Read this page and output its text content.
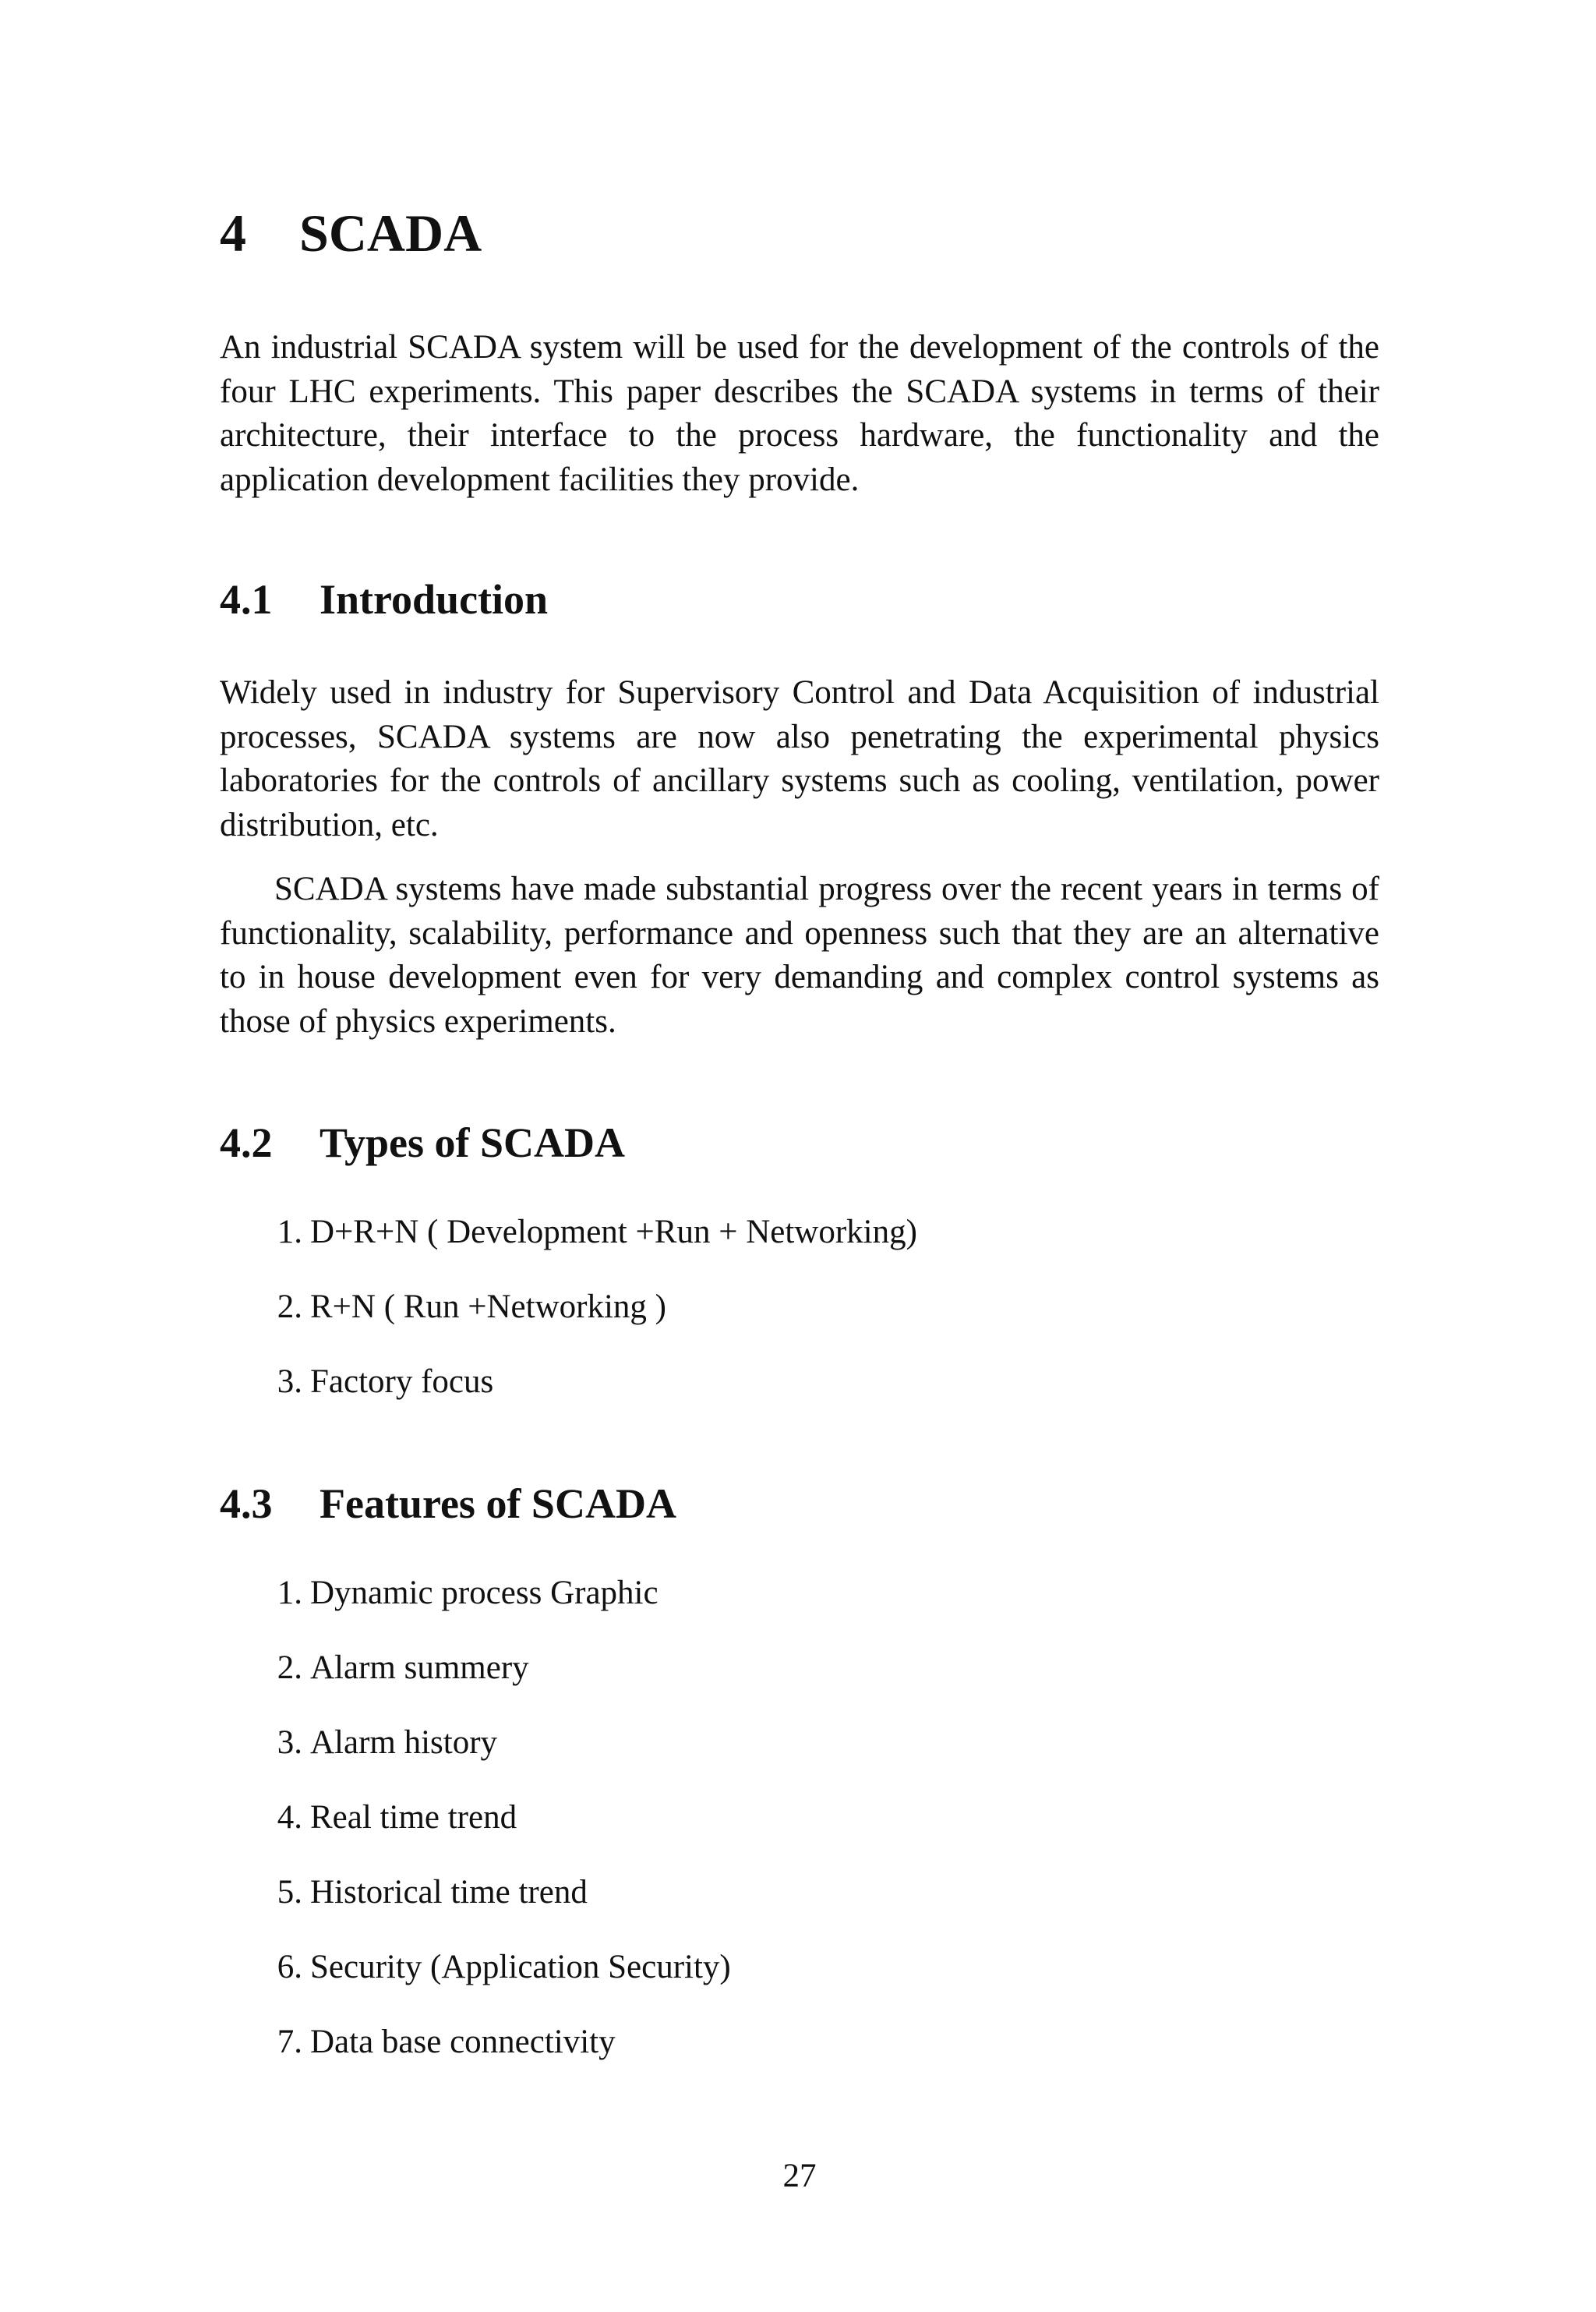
4 SCADA

An industrial SCADA system will be used for the development of the controls of the four LHC experiments. This paper describes the SCADA systems in terms of their architecture, their interface to the process hardware, the functionality and the application development facilities they provide.

4.1 Introduction

Widely used in industry for Supervisory Control and Data Acquisition of industrial processes, SCADA systems are now also penetrating the experimental physics laboratories for the controls of ancillary systems such as cooling, ventilation, power distribution, etc.

SCADA systems have made substantial progress over the recent years in terms of functionality, scalability, performance and openness such that they are an alternative to in house development even for very demanding and complex control systems as those of physics experiments.

4.2 Types of SCADA
1. D+R+N ( Development +Run + Networking)
2. R+N ( Run +Networking )
3. Factory focus
4.3 Features of SCADA
1. Dynamic process Graphic
2. Alarm summery
3. Alarm history
4. Real time trend
5. Historical time trend
6. Security (Application Security)
7. Data base connectivity

27
